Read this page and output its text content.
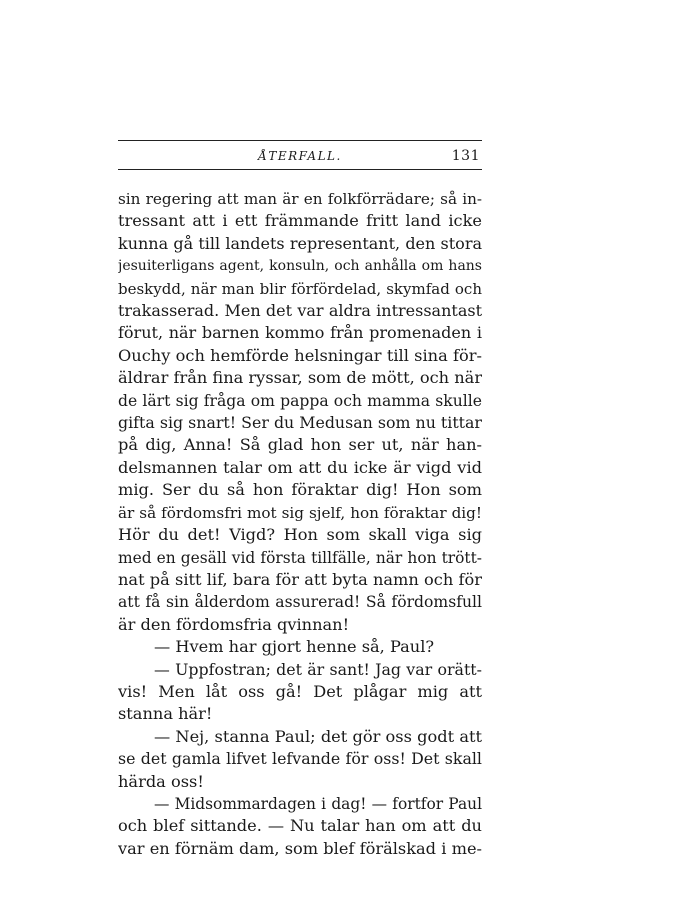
ÅTERFALL.	131
sin regering att man är en folkförrädare; så in-
tressant att i ett främmande fritt land icke
kunna gå till landets representant, den stora
jesuiterligans agent, konsuln, och anhålla om hans
beskydd, när man blir förfördelad, skymfad och
trakasserad. Men det var aldra intressantast
förut, när barnen kommo från promenaden i
Ouchy och hemförde helsningar till sina för-
äldrar från fina ryssar, som de mött, och när
de lärt sig fråga om pappa och mamma skulle
gifta sig snart! Ser du Medusan som nu tittar
på dig, Anna! Så glad hon ser ut, när han-
delsmannen talar om att du icke är vigd vid
mig. Ser du så hon föraktar dig! Hon som
är så fördomsfri mot sig sjelf, hon föraktar dig!
Hör du det! Vigd? Hon som skall viga sig
med en gesäll vid första tillfälle, när hon trött-
nat på sitt lif, bara för att byta namn och för
att få sin ålderdom assurerad! Så fördomsfull
är den fördomsfria qvinnan!
— Hvem har gjort henne så, Paul?
— Uppfostran; det är sant! Jag var orätt-
vis! Men låt oss gå! Det plågar mig att
stanna här!
— Nej, stanna Paul; det gör oss godt att
se det gamla lifvet lefvande för oss! Det skall
härda oss!
— Midsommardagen i dag! — fortfor Paul
och blef sittande. — Nu talar han om att du
var en förnäm dam, som blef förälskad i me-
